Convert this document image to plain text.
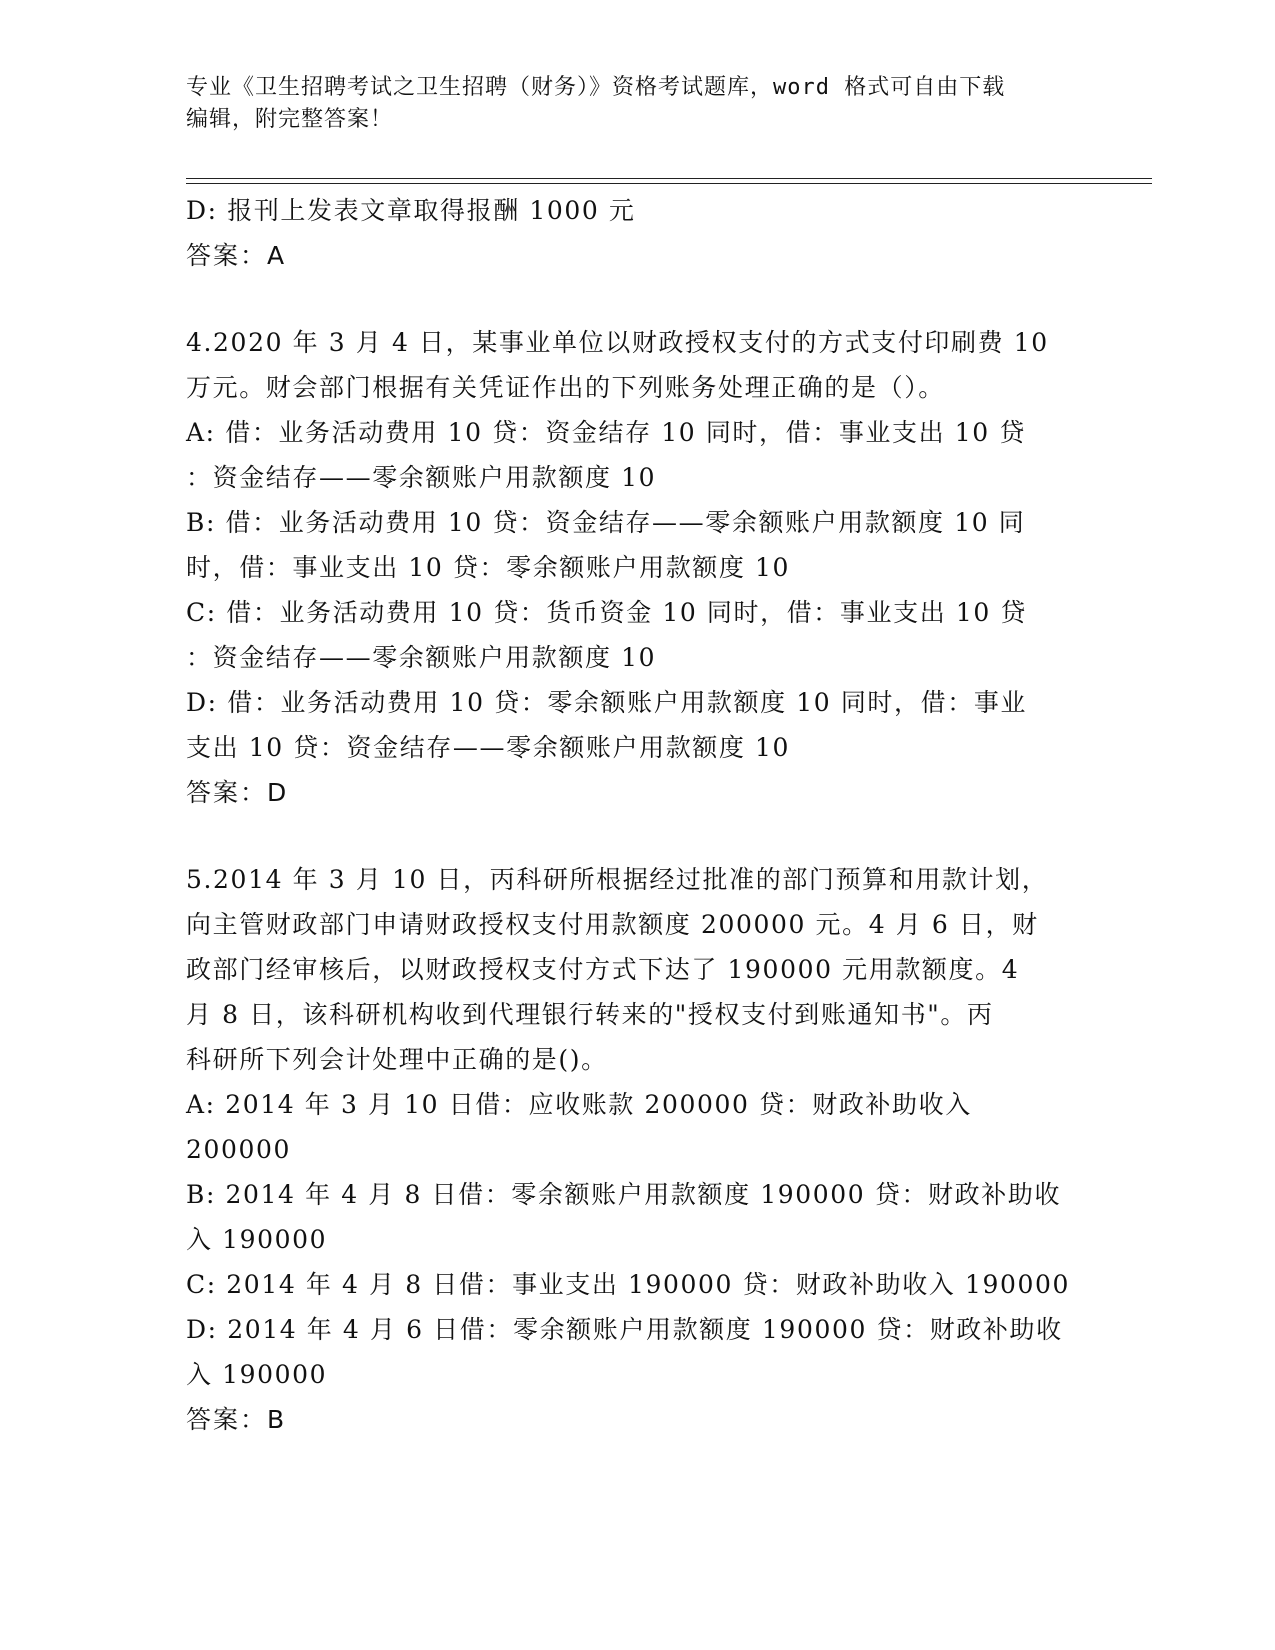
专业《卫生招聘考试之卫生招聘（财务）》资格考试题库，word 格式可自由下载
编辑，附完整答案！

D: 报刊上发表文章取得报酬 1000 元

答案：A

4.2020 年 3 月 4 日，某事业单位以财政授权支付的方式支付印刷费 10

万元。财会部门根据有关凭证作出的下列账务处理正确的是（）。

A: 借：业务活动费用 10 贷：资金结存 10 同时，借：事业支出 10 贷

：资金结存——零余额账户用款额度 10

B: 借：业务活动费用 10 贷：资金结存——零余额账户用款额度 10 同

时，借：事业支出 10 贷：零余额账户用款额度 10

C: 借：业务活动费用 10 贷：货币资金 10 同时，借：事业支出 10 贷

：资金结存——零余额账户用款额度 10

D: 借：业务活动费用 10 贷：零余额账户用款额度 10 同时，借：事业

支出 10 贷：资金结存——零余额账户用款额度 10

答案：D

5.2014 年 3 月 10 日，丙科研所根据经过批准的部门预算和用款计划，

向主管财政部门申请财政授权支付用款额度 200000 元。4 月 6 日，财

政部门经审核后，以财政授权支付方式下达了 190000 元用款额度。4

月 8 日，该科研机构收到代理银行转来的"授权支付到账通知书"。丙

科研所下列会计处理中正确的是()。

A: 2014 年 3 月 10 日借：应收账款 200000 贷：财政补助收入 200000

B: 2014 年 4 月 8 日借：零余额账户用款额度 190000 贷：财政补助收

入 190000

C: 2014 年 4 月 8 日借：事业支出 190000 贷：财政补助收入 190000

D: 2014 年 4 月 6 日借：零余额账户用款额度 190000 贷：财政补助收

入 190000

答案：B
